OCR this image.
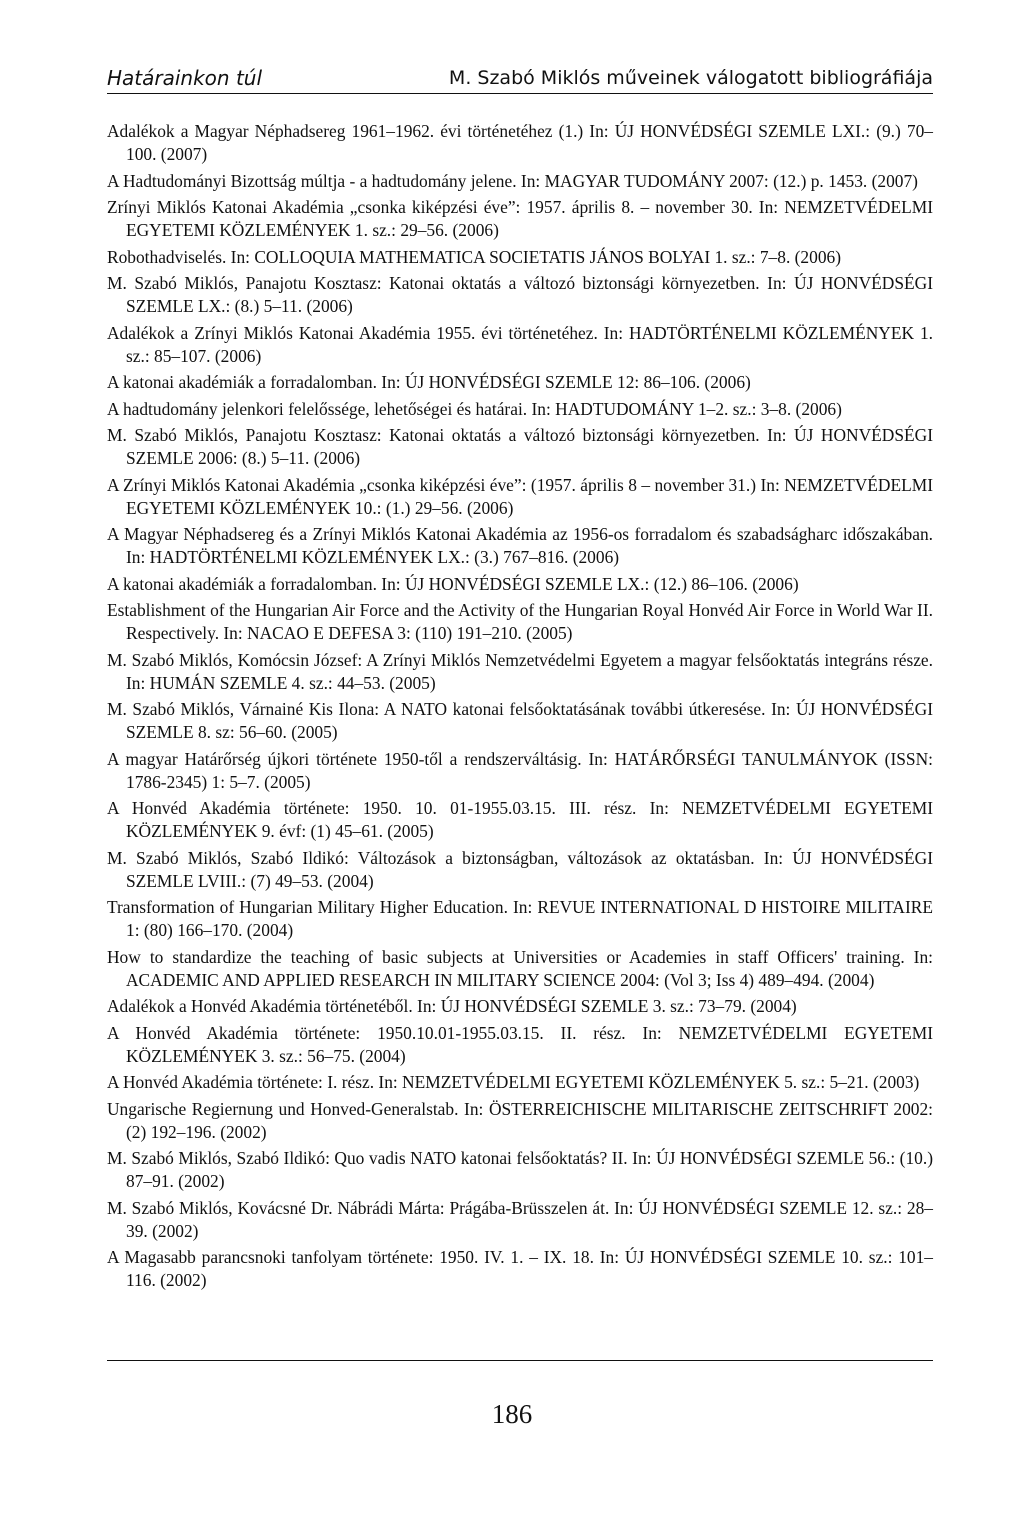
Határainkon túl	M. Szabó Miklós műveinek válogatott bibliográfiája
Adalékok a Magyar Néphadsereg 1961–1962. évi történetéhez (1.) In: ÚJ HONVÉDSÉGI SZEMLE LXI.: (9.) 70–100. (2007)
A Hadtudományi Bizottság múltja - a hadtudomány jelene. In: MAGYAR TUDOMÁNY 2007: (12.) p. 1453. (2007)
Zrínyi Miklós Katonai Akadémia „csonka kiképzési éve”: 1957. április 8. – november 30. In: NEMZETVÉDELMI EGYETEMI KÖZLEMÉNYEK 1. sz.: 29–56. (2006)
Robothadviselés. In: COLLOQUIA MATHEMATICA SOCIETATIS JÁNOS BOLYAI 1. sz.: 7–8. (2006)
M. Szabó Miklós, Panajotu Kosztasz: Katonai oktatás a változó biztonsági környezetben. In: ÚJ HONVÉDSÉGI SZEMLE LX.: (8.) 5–11. (2006)
Adalékok a Zrínyi Miklós Katonai Akadémia 1955. évi történetéhez. In: HADTÖRTÉNELMI KÖZLEMÉNYEK 1. sz.: 85–107. (2006)
A katonai akadémiák a forradalomban. In: ÚJ HONVÉDSÉGI SZEMLE 12: 86–106. (2006)
A hadtudomány jelenkori felelőssége, lehetőségei és határai. In: HADTUDOMÁNY 1–2. sz.: 3–8. (2006)
M. Szabó Miklós, Panajotu Kosztasz: Katonai oktatás a változó biztonsági környezetben. In: ÚJ HONVÉDSÉGI SZEMLE 2006: (8.) 5–11. (2006)
A Zrínyi Miklós Katonai Akadémia „csonka kiképzési éve”: (1957. április 8 – november 31.) In: NEMZETVÉDELMI EGYETEMI KÖZLEMÉNYEK 10.: (1.) 29–56. (2006)
A Magyar Néphadsereg és a Zrínyi Miklós Katonai Akadémia az 1956-os forradalom és szabadságharc időszakában. In: HADTÖRTÉNELMI KÖZLEMÉNYEK LX.: (3.) 767–816. (2006)
A katonai akadémiák a forradalomban. In: ÚJ HONVÉDSÉGI SZEMLE LX.: (12.) 86–106. (2006)
Establishment of the Hungarian Air Force and the Activity of the Hungarian Royal Honvéd Air Force in World War II. Respectively. In: NACAO E DEFESA 3: (110) 191–210. (2005)
M. Szabó Miklós, Komócsin József: A Zrínyi Miklós Nemzetvédelmi Egyetem a magyar felsőoktatás integráns része. In: HUMÁN SZEMLE 4. sz.: 44–53. (2005)
M. Szabó Miklós, Várnainé Kis Ilona: A NATO katonai felsőoktatásának további útkeresése. In: ÚJ HONVÉDSÉGI SZEMLE 8. sz: 56–60. (2005)
A magyar Határőrség újkori története 1950-től a rendszerváltásig. In: HATÁRŐRSÉGI TANULMÁNYOK (ISSN: 1786-2345) 1: 5–7. (2005)
A Honvéd Akadémia története: 1950. 10. 01-1955.03.15. III. rész. In: NEMZETVÉDELMI EGYETEMI KÖZLEMÉNYEK 9. évf: (1) 45–61. (2005)
M. Szabó Miklós, Szabó Ildikó: Változások a biztonságban, változások az oktatásban. In: ÚJ HONVÉDSÉGI SZEMLE LVIII.: (7) 49–53. (2004)
Transformation of Hungarian Military Higher Education. In: REVUE INTERNATIONAL D HISTOIRE MILITAIRE 1: (80) 166–170. (2004)
How to standardize the teaching of basic subjects at Universities or Academies in staff Officers' training. In: ACADEMIC AND APPLIED RESEARCH IN MILITARY SCIENCE 2004: (Vol 3; Iss 4) 489–494. (2004)
Adalékok a Honvéd Akadémia történetéből. In: ÚJ HONVÉDSÉGI SZEMLE 3. sz.: 73–79. (2004)
A Honvéd Akadémia története: 1950.10.01-1955.03.15. II. rész. In: NEMZETVÉDELMI EGYETEMI KÖZLEMÉNYEK 3. sz.: 56–75. (2004)
A Honvéd Akadémia története: I. rész. In: NEMZETVÉDELMI EGYETEMI KÖZLEMÉNYEK 5. sz.: 5–21. (2003)
Ungarische Regiernung und Honved-Generalstab. In: ÖSTERREICHISCHE MILITARISCHE ZEITSCHRIFT 2002: (2) 192–196. (2002)
M. Szabó Miklós, Szabó Ildikó: Quo vadis NATO katonai felsőoktatás? II. In: ÚJ HONVÉDSÉGI SZEMLE 56.: (10.) 87–91. (2002)
M. Szabó Miklós, Kovácsné Dr. Nábrádi Márta: Prágába-Brüsszelen át. In: ÚJ HONVÉDSÉGI SZEMLE 12. sz.: 28–39. (2002)
A Magasabb parancsnoki tanfolyam története: 1950. IV. 1. – IX. 18. In: ÚJ HONVÉDSÉGI SZEMLE 10. sz.: 101–116. (2002)
186
